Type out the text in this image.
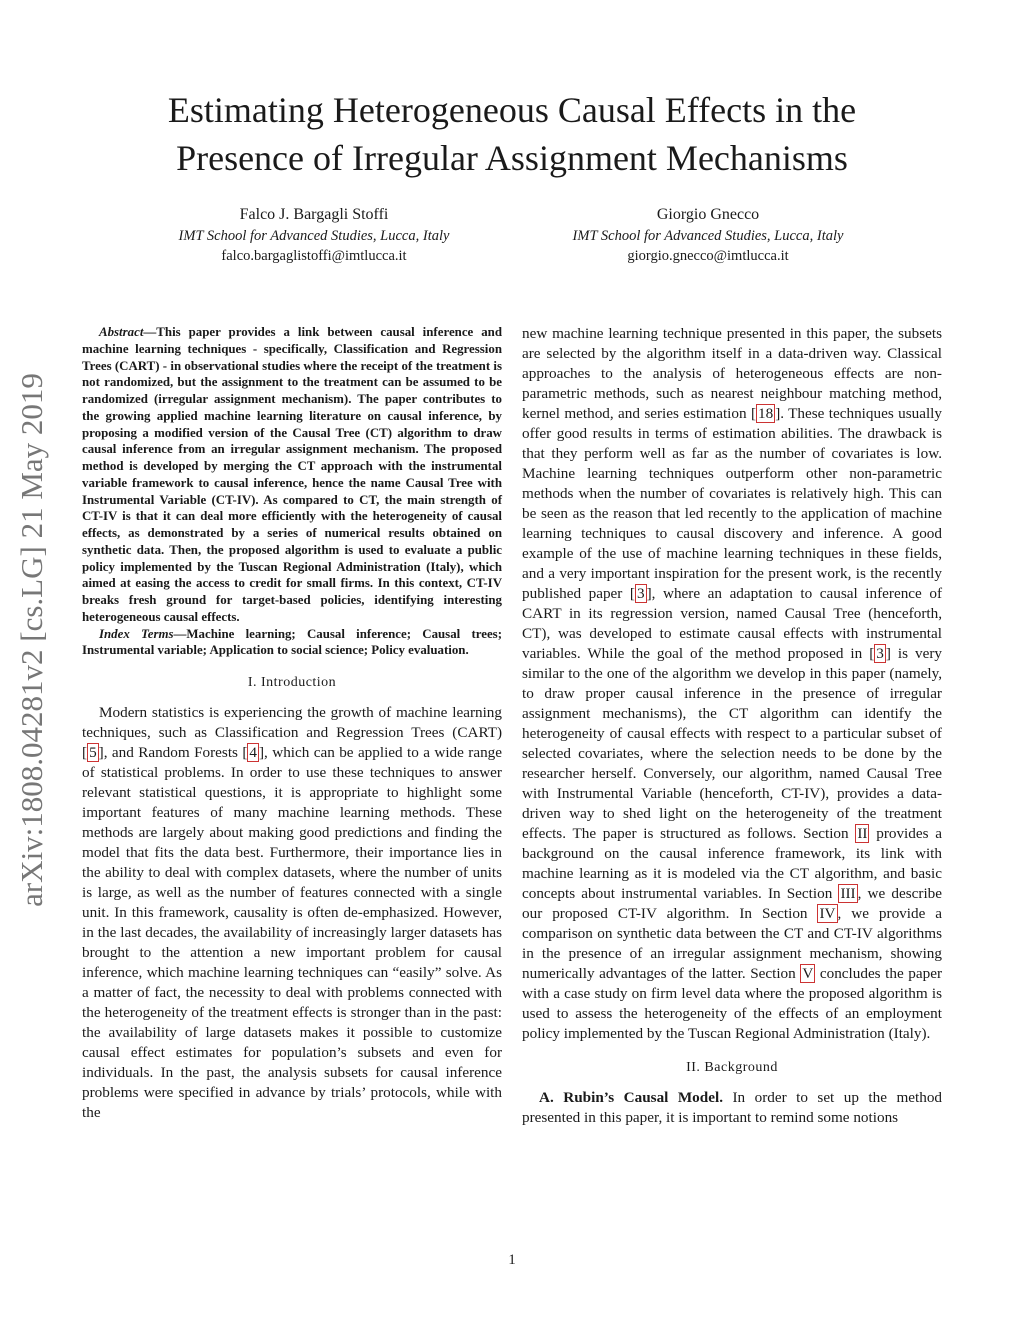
Estimating Heterogeneous Causal Effects in the
Presence of Irregular Assignment Mechanisms
Falco J. Bargagli Stoffi
IMT School for Advanced Studies, Lucca, Italy
falco.bargaglistoffi@imtlucca.it
Giorgio Gnecco
IMT School for Advanced Studies, Lucca, Italy
giorgio.gnecco@imtlucca.it
arXiv:1808.04281v2 [cs.LG] 21 May 2019

Abstract—This paper provides a link between causal inference and machine learning techniques - specifically, Classification and Regression Trees (CART) - in observational studies where the receipt of the treatment is not randomized, but the assignment to the treatment can be assumed to be randomized (irregular assignment mechanism). The paper contributes to the growing applied machine learning literature on causal inference, by proposing a modified version of the Causal Tree (CT) algorithm to draw causal inference from an irregular assignment mechanism. The proposed method is developed by merging the CT approach with the instrumental variable framework to causal inference, hence the name Causal Tree with Instrumental Variable (CT-IV). As compared to CT, the main strength of CT-IV is that it can deal more efficiently with the heterogeneity of causal effects, as demonstrated by a series of numerical results obtained on synthetic data. Then, the proposed algorithm is used to evaluate a public policy implemented by the Tuscan Regional Administration (Italy), which aimed at easing the access to credit for small firms. In this context, CT-IV breaks fresh ground for target-based policies, identifying interesting heterogeneous causal effects.

Index Terms—Machine learning; Causal inference; Causal trees; Instrumental variable; Application to social science; Policy evaluation.

I. Introduction

Modern statistics is experiencing the growth of machine learning techniques, such as Classification and Regression Trees (CART) [ 5 ], and Random Forests [ 4 ], which can be applied to a wide range of statistical problems. In order to use these techniques to answer relevant statistical questions, it is appropriate to highlight some important features of many machine learning methods. These methods are largely about making good predictions and finding the model that fits the data best. Furthermore, their importance lies in the ability to deal with complex datasets, where the number of units is large, as well as the number of features connected with a single unit. In this framework, causality is often de-emphasized. However, in the last decades, the availability of increasingly larger datasets has brought to the attention a new important problem for causal inference, which machine learning techniques can “easily” solve. As a matter of fact, the necessity to deal with problems connected with the heterogeneity of the treatment effects is stronger than in the past: the availability of large datasets makes it possible to customize causal effect estimates for population’s subsets and even for individuals. In the past, the analysis subsets for causal inference problems were specified in advance by trials’ protocols, while with the

new machine learning technique presented in this paper, the subsets are selected by the algorithm itself in a data-driven way. Classical approaches to the analysis of heterogeneous effects are non-parametric methods, such as nearest neighbour matching method, kernel method, and series estimation [ 18 ]. These techniques usually offer good results in terms of estimation abilities. The drawback is that they perform well as far as the number of covariates is low. Machine learning techniques outperform other non-parametric methods when the number of covariates is relatively high. This can be seen as the reason that led recently to the application of machine learning techniques to causal discovery and inference. A good example of the use of machine learning techniques in these fields, and a very important inspiration for the present work, is the recently published paper [ 3 ], where an adaptation to causal inference of CART in its regression version, named Causal Tree (henceforth, CT), was developed to estimate causal effects with instrumental variables. While the goal of the method proposed in [ 3 ] is very similar to the one of the algorithm we develop in this paper (namely, to draw proper causal inference in the presence of irregular assignment mechanisms), the CT algorithm can identify the heterogeneity of causal effects with respect to a particular subset of selected covariates, where the selection needs to be done by the researcher herself. Conversely, our algorithm, named Causal Tree with Instrumental Variable (henceforth, CT-IV), provides a data-driven way to shed light on the heterogeneity of the treatment effects. The paper is structured as follows. Section II provides a background on the causal inference framework, its link with machine learning as it is modeled via the CT algorithm, and basic concepts about instrumental variables. In Section III , we describe our proposed CT-IV algorithm. In Section IV , we provide a comparison on synthetic data between the CT and CT-IV algorithms in the presence of an irregular assignment mechanism, showing numerically advantages of the latter. Section V concludes the paper with a case study on firm level data where the proposed algorithm is used to assess the heterogeneity of the effects of an employment policy implemented by the Tuscan Regional Administration (Italy).

II. Background

A. Rubin’s Causal Model. In order to set up the method presented in this paper, it is important to remind some notions

1
